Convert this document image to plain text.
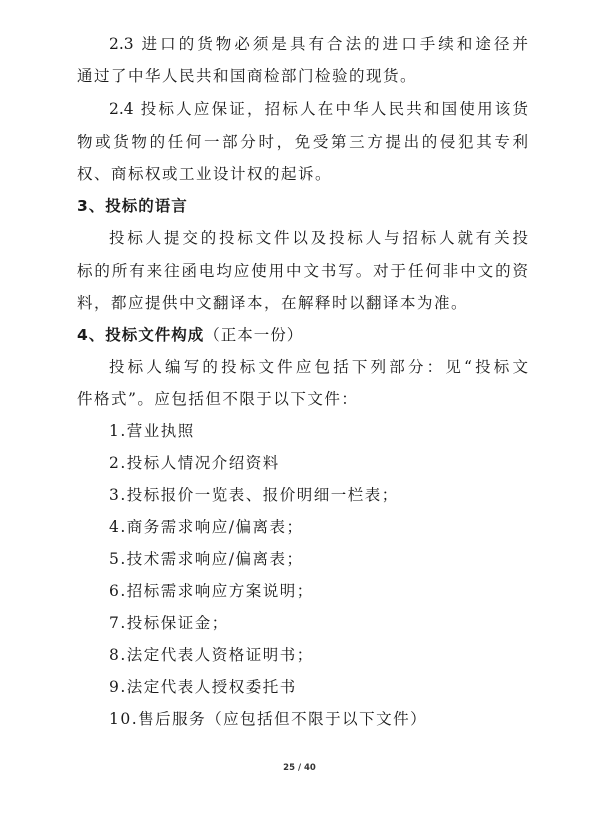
2.3 进口的货物必须是具有合法的进口手续和途径并
通过了中华人民共和国商检部门检验的现货。
2.4 投标人应保证，招标人在中华人民共和国使用该货
物或货物的任何一部分时，免受第三方提出的侵犯其专利
权、商标权或工业设计权的起诉。
3、投标的语言
投标人提交的投标文件以及投标人与招标人就有关投
标的所有来往函电均应使用中文书写。对于任何非中文的资
料，都应提供中文翻译本，在解释时以翻译本为准。
4、投标文件构成（正本一份）
投标人编写的投标文件应包括下列部分：见“投标文
件格式”。应包括但不限于以下文件：
1.营业执照
2.投标人情况介绍资料
3.投标报价一览表、报价明细一栏表；
4.商务需求响应/偏离表；
5.技术需求响应/偏离表；
6.招标需求响应方案说明；
7.投标保证金；
8.法定代表人资格证明书；
9.法定代表人授权委托书
10.售后服务（应包括但不限于以下文件）
25 / 40
